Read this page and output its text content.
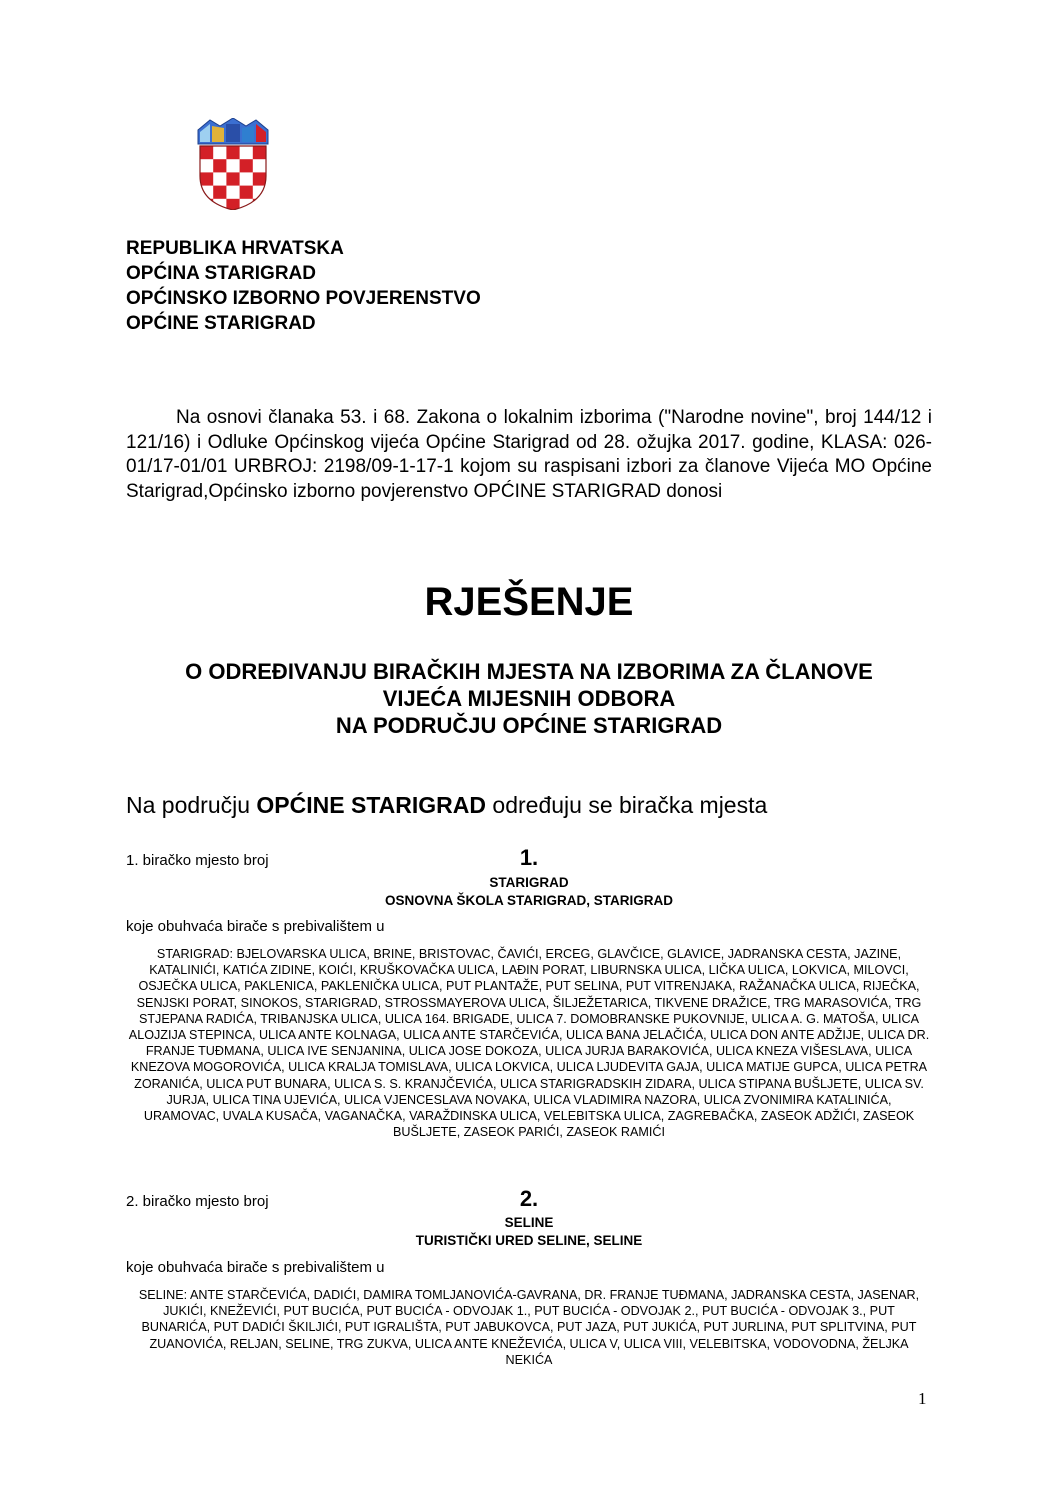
REPUBLIKA HRVATSKA
OPĆINA STARIGRAD
OPĆINSKO IZBORNO POVJERENSTVO
OPĆINE STARIGRAD
Na osnovi članaka 53. i 68. Zakona o lokalnim izborima ("Narodne novine", broj 144/12 i 121/16) i Odluke Općinskog vijeća Općine Starigrad od 28. ožujka 2017. godine, KLASA: 026-01/17-01/01 URBROJ: 2198/09-1-17-1 kojom su raspisani izbori za članove Vijeća MO Općine Starigrad,Općinsko izborno povjerenstvo OPĆINE STARIGRAD donosi
RJEŠENJE
O ODREĐIVANJU BIRAČKIH MJESTA NA IZBORIMA ZA ČLANOVE
VIJEĆA MIJESNIH ODBORA
NA PODRUČJU OPĆINE STARIGRAD
Na području OPĆINE STARIGRAD određuju se biračka mjesta
1. biračko mjesto broj	1.
STARIGRAD
OSNOVNA ŠKOLA STARIGRAD, STARIGRAD
koje obuhvaća birače s prebivalištem u
STARIGRAD: BJELOVARSKA ULICA, BRINE, BRISTOVAC, ČAVIĆI, ERCEG, GLAVČICE, GLAVICE, JADRANSKA CESTA, JAZINE, KATALINIĆI, KATIĆA ZIDINE, KOIĆI, KRUŠKOVAČKA ULICA, LAĐIN PORAT, LIBURNSKA ULICA, LIČKA ULICA, LOKVICA, MILOVCI, OSJEČKA ULICA, PAKLENICA, PAKLENIČKA ULICA, PUT PLANTAŽE, PUT SELINA, PUT VITRENJAKA, RAŽANAČKA ULICA, RIJEČKA, SENJSKI PORAT, SINOKOS, STARIGRAD, STROSSMAYEROVA ULICA, ŠILJEŽETARICA, TIKVENE DRAŽICE, TRG MARASOVIĆA, TRG STJEPANA RADIĆA, TRIBANJSKA ULICA, ULICA 164. BRIGADE, ULICA 7. DOMOBRANSKE PUKOVNIJE, ULICA A. G. MATOŠA, ULICA ALOJZIJA STEPINCA, ULICA ANTE KOLNAGA, ULICA ANTE STARČEVIĆA, ULICA BANA JELAČIĆA, ULICA DON ANTE ADŽIJE, ULICA DR. FRANJE TUĐMANA, ULICA IVE SENJANINA, ULICA JOSE DOKOZA, ULICA JURJA BARAKOVIĆA, ULICA KNEZA VIŠESLAVA, ULICA KNEZOVA MOGOROVIĆA, ULICA KRALJA TOMISLAVA, ULICA LOKVICA, ULICA LJUDEVITA GAJA, ULICA MATIJE GUPCA, ULICA PETRA ZORANIĆA, ULICA PUT BUNARA, ULICA S. S. KRANJČEVIĆA, ULICA STARIGRADSKIH ZIDARA, ULICA STIPANA BUŠLJETE, ULICA SV. JURJA, ULICA TINA UJEVIĆA, ULICA VJENCESLAVA NOVAKA, ULICA VLADIMIRA NAZORA, ULICA ZVONIMIRA KATALINIĆA, URAMOVAC, UVALA KUSAČA, VAGANAČKA, VARAŽDINSKA ULICA, VELEBITSKA ULICA, ZAGREBAČKA, ZASEOK ADŽIĆI, ZASEOK BUŠLJETE, ZASEOK PARIĆI, ZASEOK RAMIĆI
2. biračko mjesto broj	2.
SELINE
TURISTIČKI URED SELINE, SELINE
koje obuhvaća birače s prebivalištem u
SELINE: ANTE STARČEVIĆA, DADIĆI, DAMIRA TOMLJANOVIĆA-GAVRANA, DR. FRANJE TUĐMANA, JADRANSKA CESTA, JASENAR, JUKIĆI, KNEŽEVIĆI, PUT BUCIĆA, PUT BUCIĆA - ODVOJAK 1., PUT BUCIĆA - ODVOJAK 2., PUT BUCIĆA - ODVOJAK 3., PUT BUNARIĆA, PUT DADIĆI ŠKILJIĆI, PUT IGRALIŠTA, PUT JABUKOVCA, PUT JAZA, PUT JUKIĆA, PUT JURLINA, PUT SPLITVINA, PUT ZUANOVIĆA, RELJAN, SELINE, TRG ZUKVA, ULICA ANTE KNEŽEVIĆA, ULICA V, ULICA VIII, VELEBITSKA, VODOVODNA, ŽELJKA NEKIĆA
1
